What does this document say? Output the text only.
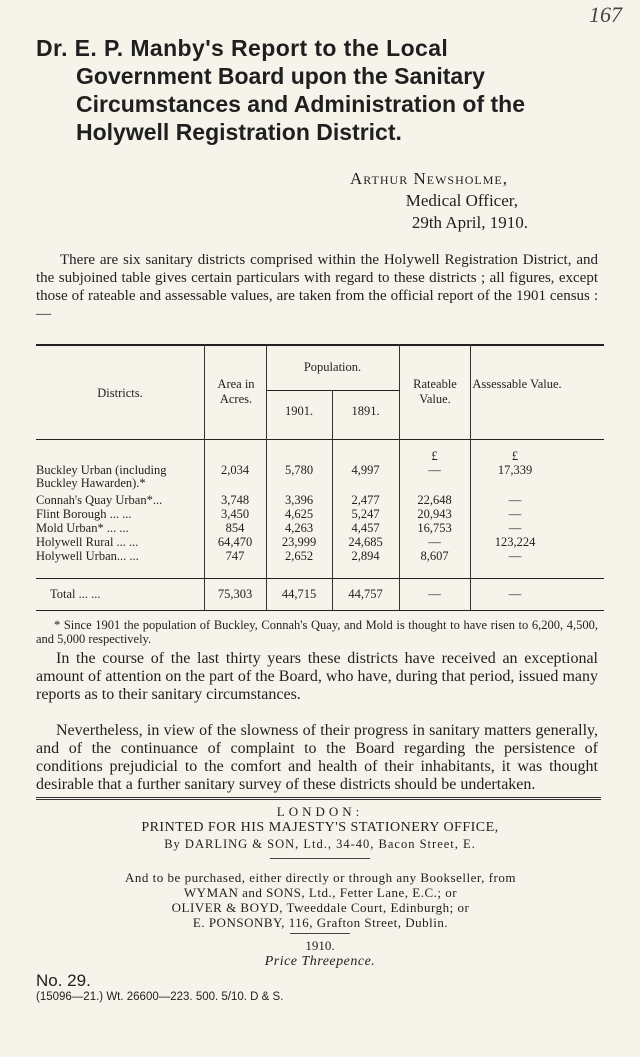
167
Dr. E. P. Manby's Report to the Local
Government Board upon the Sanitary
Circumstances and Administration of the
Holywell Registration District.
Arthur Newsholme,
Medical Officer,
29th April, 1910.
There are six sanitary districts comprised within the Holywell Registration District, and the subjoined table gives certain particulars with regard to these districts ; all figures, except those of rateable and assessable values, are taken from the official report of the 1901 census :—
Districts.
Area in Acres.
Population.
1901.	1891.
Rateable Value.
Assessable Value.
£	£
Buckley Urban (including Buckley Hawarden).*
2,034	5,780	4,997	—	17,339
Connah's Quay Urban*...	3,748	3,396	2,477	22,648	—
Flint Borough ... ...	3,450	4,625	5,247	20,943	—
Mold Urban* ... ...	854	4,263	4,457	16,753	—
Holywell Rural ... ...	64,470	23,999	24,685	—	123,224
Holywell Urban... ...	747	2,652	2,894	8,607	—
Total ... ...	75,303	44,715	44,757	—	—
* Since 1901 the population of Buckley, Connah's Quay, and Mold is thought to have risen to 6,200, 4,500, and 5,000 respectively.
In the course of the last thirty years these districts have received an exceptional amount of attention on the part of the Board, who have, during that period, issued many reports as to their sanitary circumstances.
Nevertheless, in view of the slowness of their progress in sanitary matters generally, and of the continuance of complaint to the Board regarding the persistence of conditions prejudicial to the comfort and health of their inhabitants, it was thought desirable that a further sanitary survey of these districts should be undertaken.
LONDON:
PRINTED FOR HIS MAJESTY'S STATIONERY OFFICE,
By DARLING & SON, Ltd., 34-40, Bacon Street, E.
And to be purchased, either directly or through any Bookseller, from
WYMAN and SONS, Ltd., Fetter Lane, E.C.; or
OLIVER & BOYD, Tweeddale Court, Edinburgh; or
E. PONSONBY, 116, Grafton Street, Dublin.
1910.
Price Threepence.
No. 29.
(15096—21.) Wt. 26600—223. 500. 5/10. D & S.
